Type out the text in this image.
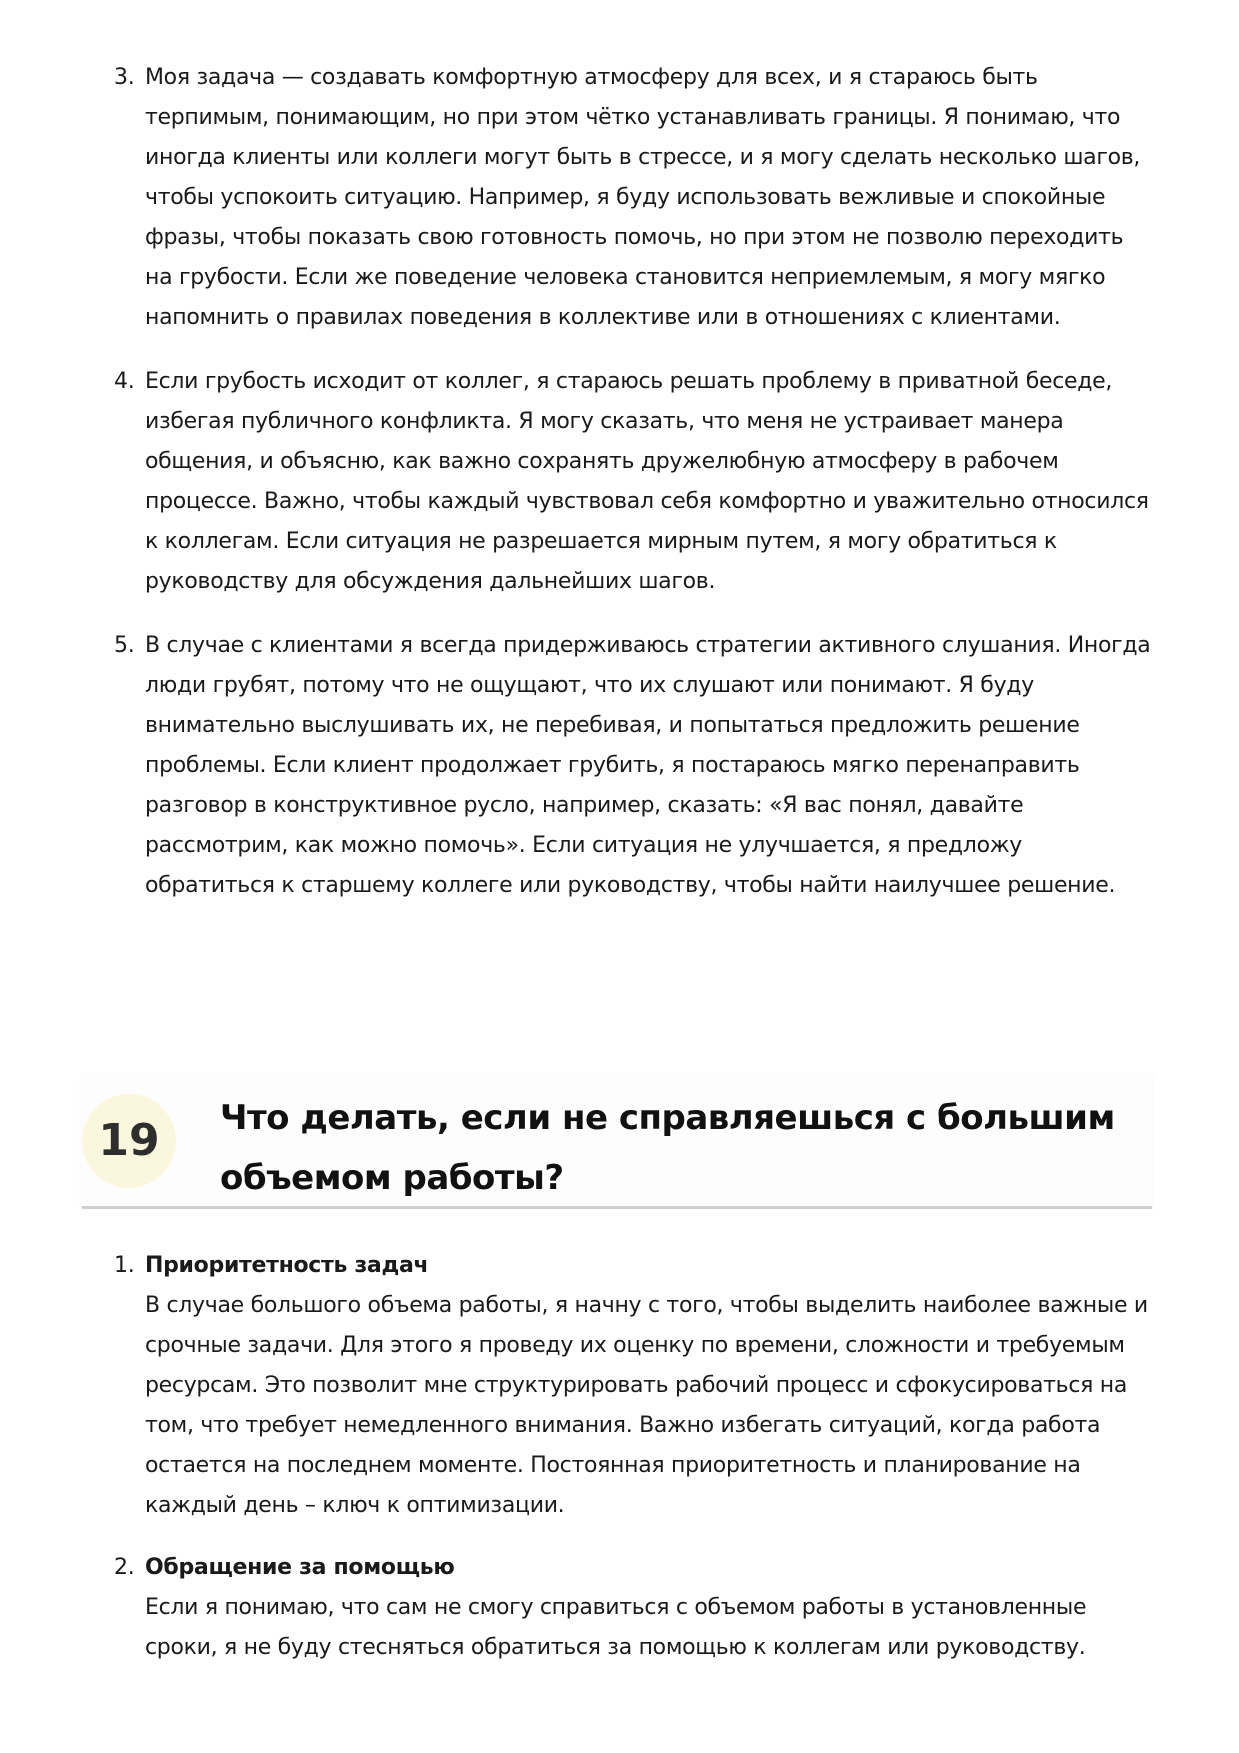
3. Моя задача — создавать комфортную атмосферу для всех, и я стараюсь быть терпимым, понимающим, но при этом чётко устанавливать границы. Я понимаю, что иногда клиенты или коллеги могут быть в стрессе, и я могу сделать несколько шагов, чтобы успокоить ситуацию. Например, я буду использовать вежливые и спокойные фразы, чтобы показать свою готовность помочь, но при этом не позволю переходить на грубости. Если же поведение человека становится неприемлемым, я могу мягко напомнить о правилах поведения в коллективе или в отношениях с клиентами.

4. Если грубость исходит от коллег, я стараюсь решать проблему в приватной беседе, избегая публичного конфликта. Я могу сказать, что меня не устраивает манера общения, и объясню, как важно сохранять дружелюбную атмосферу в рабочем процессе. Важно, чтобы каждый чувствовал себя комфортно и уважительно относился к коллегам. Если ситуация не разрешается мирным путем, я могу обратиться к руководству для обсуждения дальнейших шагов.

5. В случае с клиентами я всегда придерживаюсь стратегии активного слушания. Иногда люди грубят, потому что не ощущают, что их слушают или понимают. Я буду внимательно выслушивать их, не перебивая, и попытаться предложить решение проблемы. Если клиент продолжает грубить, я постараюсь мягко перенаправить разговор в конструктивное русло, например, сказать: «Я вас понял, давайте рассмотрим, как можно помочь». Если ситуация не улучшается, я предложу обратиться к старшему коллеге или руководству, чтобы найти наилучшее решение.

19	Что делать, если не справляешься с большим объемом работы?
1. Приоритетность задач

В случае большого объема работы, я начну с того, чтобы выделить наиболее важные и срочные задачи. Для этого я проведу их оценку по времени, сложности и требуемым ресурсам. Это позволит мне структурировать рабочий процесс и сфокусироваться на том, что требует немедленного внимания. Важно избегать ситуаций, когда работа остается на последнем моменте. Постоянная приоритетность и планирование на каждый день – ключ к оптимизации.

2. Обращение за помощью

Если я понимаю, что сам не смогу справиться с объемом работы в установленные сроки, я не буду стесняться обратиться за помощью к коллегам или руководству.
